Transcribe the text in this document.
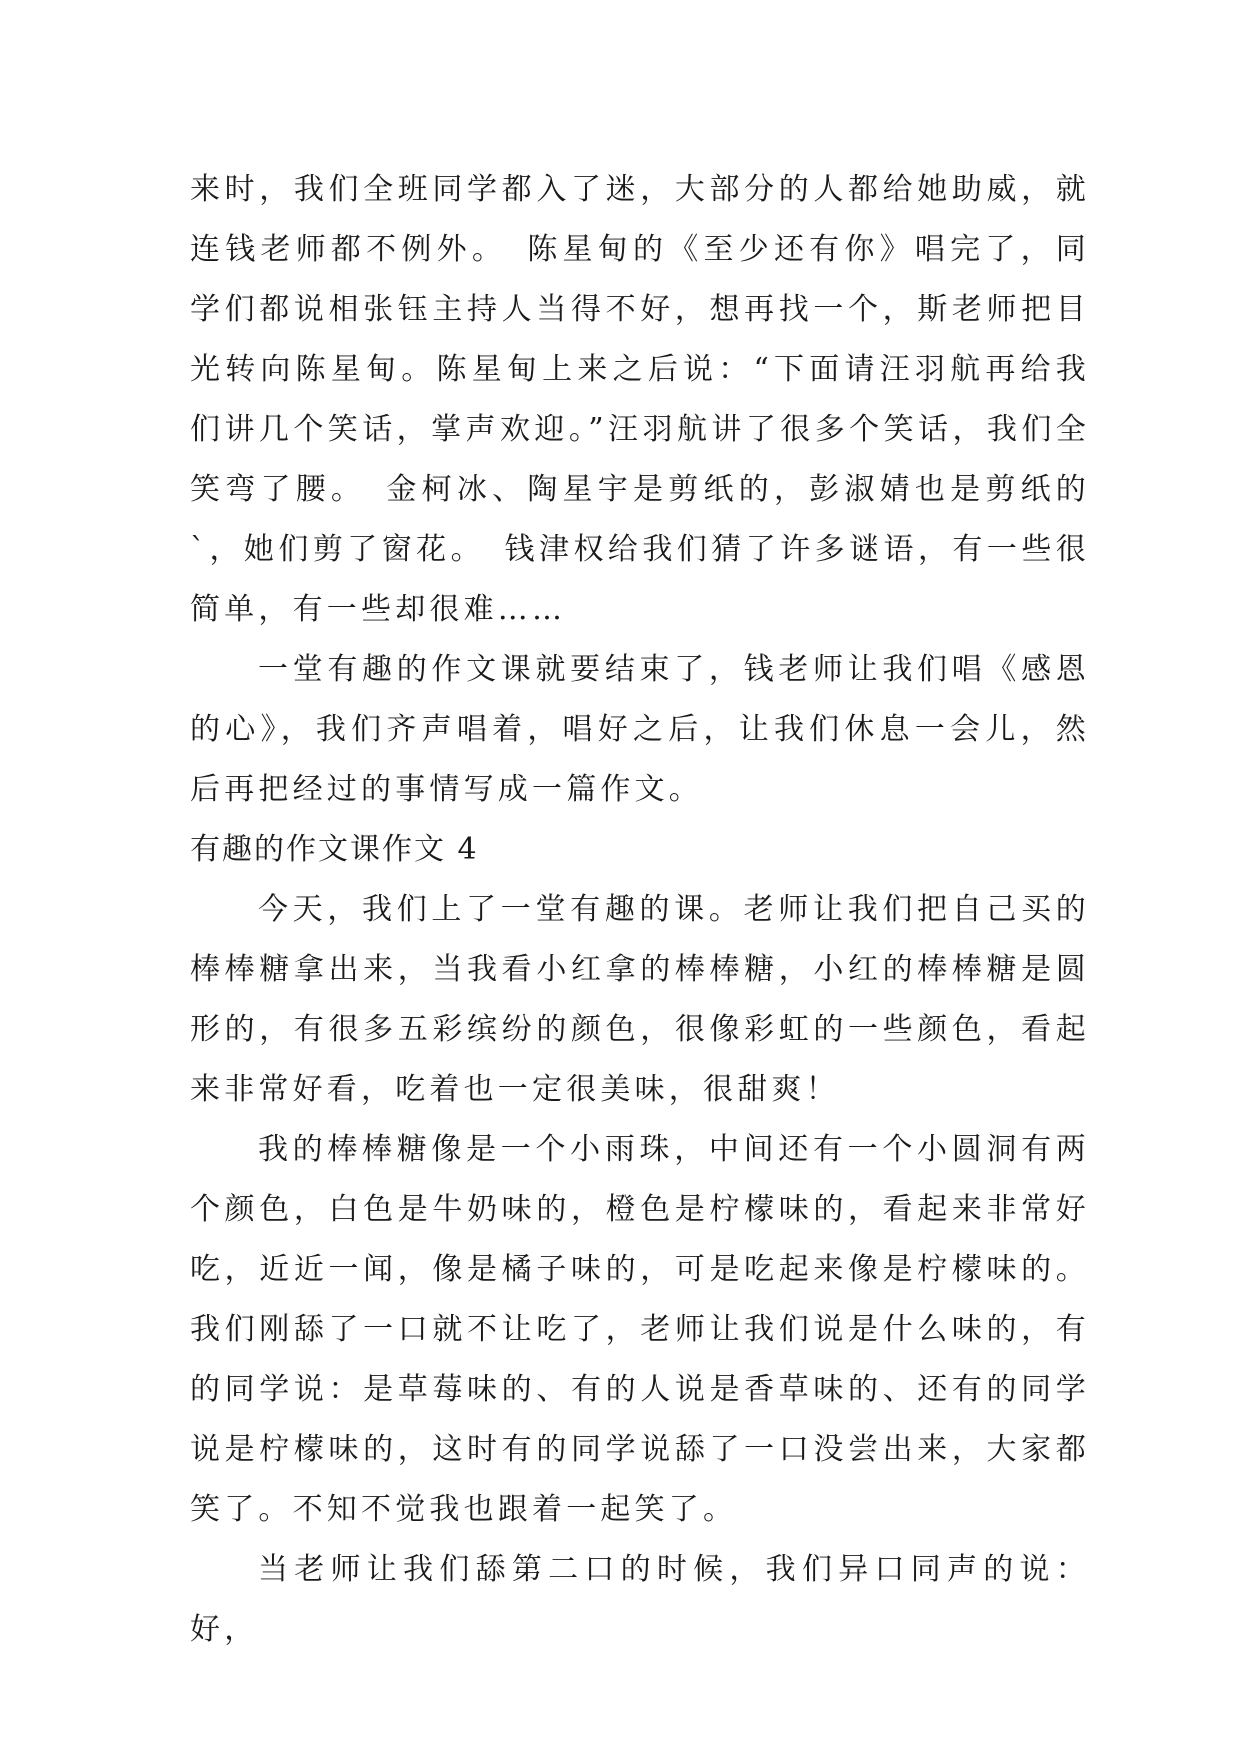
来时，我们全班同学都入了迷，大部分的人都给她助威，就连钱老师都不例外。　陈星甸的《至少还有你》唱完了，同学们都说相张钰主持人当得不好，想再找一个，斯老师把目光转向陈星甸。陈星甸上来之后说：“下面请汪羽航再给我们讲几个笑话，掌声欢迎。”汪羽航讲了很多个笑话，我们全笑弯了腰。　金柯冰、陶星宇是剪纸的，彭淑婧也是剪纸的`，她们剪了窗花。　钱津权给我们猜了许多谜语，有一些很简单，有一些却很难……

一堂有趣的作文课就要结束了，钱老师让我们唱《感恩的心》，我们齐声唱着，唱好之后，让我们休息一会儿，然后再把经过的事情写成一篇作文。

有趣的作文课作文 4

今天，我们上了一堂有趣的课。老师让我们把自己买的棒棒糖拿出来，当我看小红拿的棒棒糖，小红的棒棒糖是圆形的，有很多五彩缤纷的颜色，很像彩虹的一些颜色，看起来非常好看，吃着也一定很美味，很甜爽！

我的棒棒糖像是一个小雨珠，中间还有一个小圆洞有两个颜色，白色是牛奶味的，橙色是柠檬味的，看起来非常好吃，近近一闻，像是橘子味的，可是吃起来像是柠檬味的。我们刚舔了一口就不让吃了，老师让我们说是什么味的，有的同学说：是草莓味的、有的人说是香草味的、还有的同学说是柠檬味的，这时有的同学说舔了一口没尝出来，大家都笑了。不知不觉我也跟着一起笑了。

当老师让我们舔第二口的时候，我们异口同声的说：好，
